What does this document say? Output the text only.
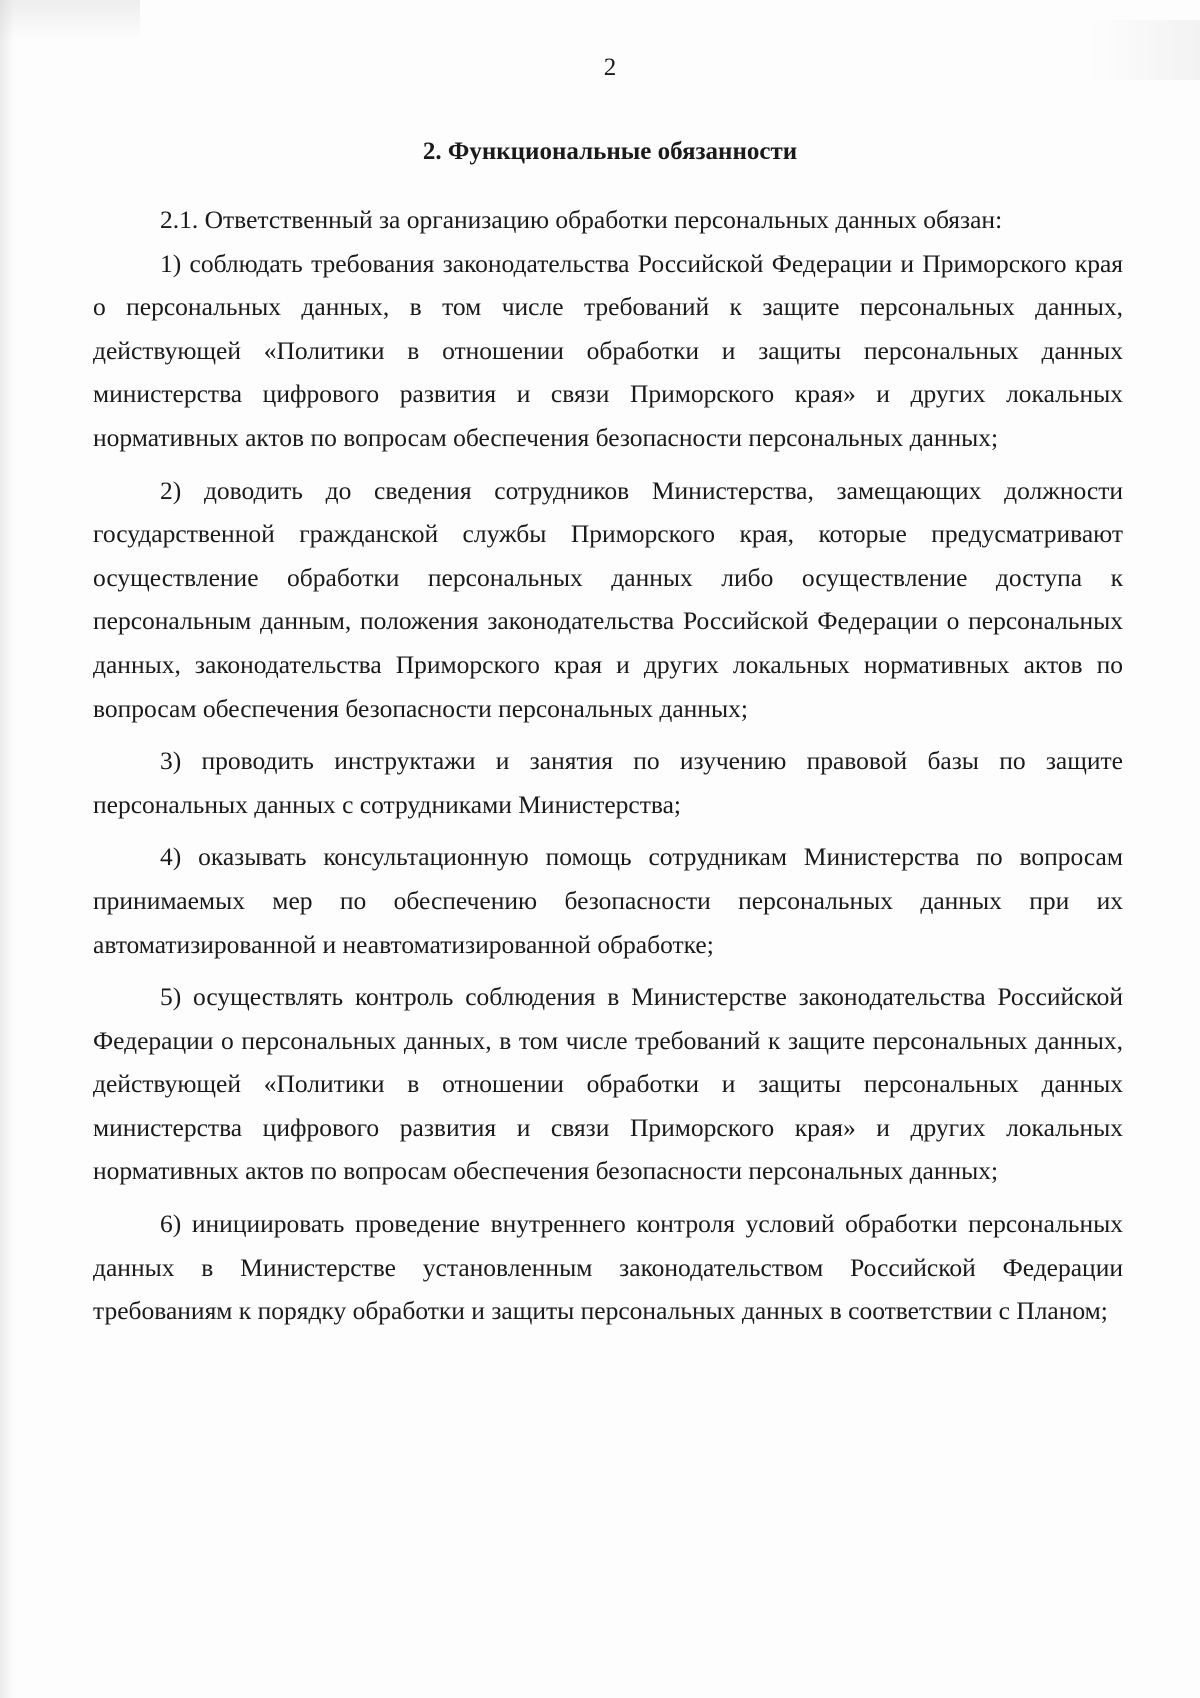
2
2. Функциональные обязанности

2.1. Ответственный за организацию обработки персональных данных обязан:

1) соблюдать требования законодательства Российской Федерации и Приморского края о персональных данных, в том числе требований к защите персональных данных, действующей «Политики в отношении обработки и защиты персональных данных министерства цифрового развития и связи Приморского края» и других локальных нормативных актов по вопросам обеспечения безопасности персональных данных;

2) доводить до сведения сотрудников Министерства, замещающих должности государственной гражданской службы Приморского края, которые предусматривают осуществление обработки персональных данных либо осуществление доступа к персональным данным, положения законодательства Российской Федерации о персональных данных, законодательства Приморского края и других локальных нормативных актов по вопросам обеспечения безопасности персональных данных;

3) проводить инструктажи и занятия по изучению правовой базы по защите персональных данных с сотрудниками Министерства;

4) оказывать консультационную помощь сотрудникам Министерства по вопросам принимаемых мер по обеспечению безопасности персональных данных при их автоматизированной и неавтоматизированной обработке;

5) осуществлять контроль соблюдения в Министерстве законодательства Российской Федерации о персональных данных, в том числе требований к защите персональных данных, действующей «Политики в отношении обработки и защиты персональных данных министерства цифрового развития и связи Приморского края» и других локальных нормативных актов по вопросам обеспечения безопасности персональных данных;

6) инициировать проведение внутреннего контроля условий обработки персональных данных в Министерстве установленным законодательством Российской Федерации требованиям к порядку обработки и защиты персональных данных в соответствии с Планом;
